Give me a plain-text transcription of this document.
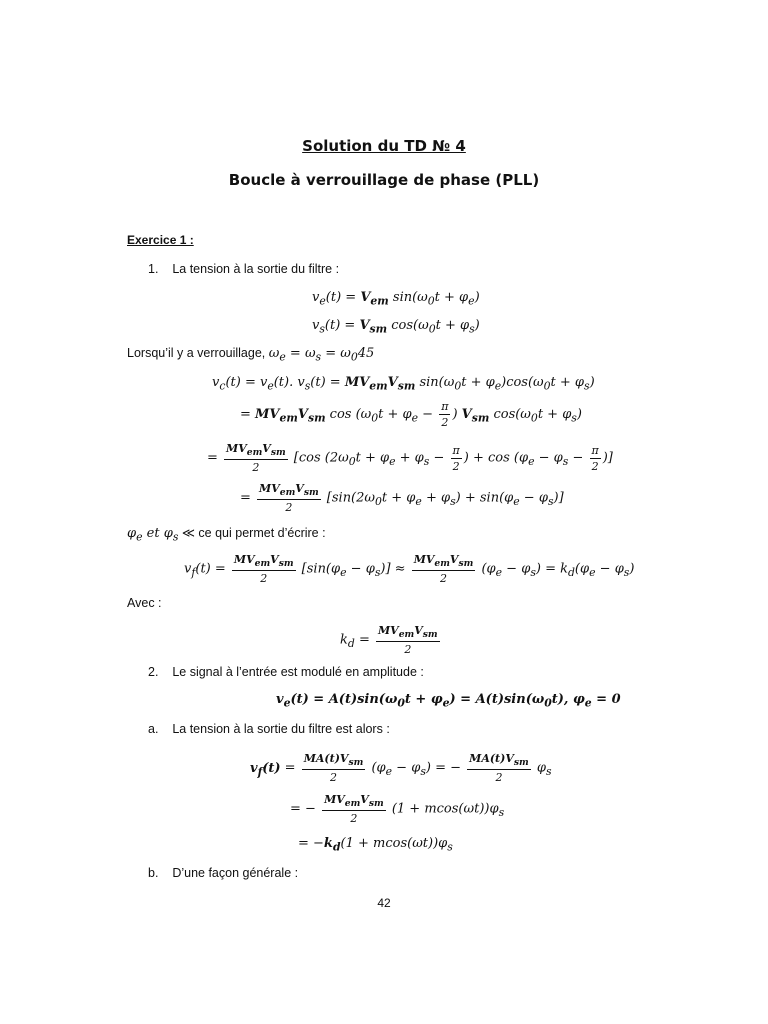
Solution du TD № 4
Boucle à verrouillage de phase (PLL)
Exercice 1 :
1.    La tension à la sortie du filtre :
$v_e(t) = V_{em}$ $\sin(\omega_0t + \varphi_e)$
$v_s(t) = V_{sm}$ $\cos(\omega_0t + \varphi_s)$
Lorsqu’il y a verrouillage, $\omega_e = \omega_s = \omega_045$
$v_c(t) = v_e(t)$. $v_s(t) = MV_{em}V_{sm}$ $\sin(\omega_0t + \varphi_e)\cos(\omega_0t + \varphi_s)$
= $MV_{em}V_{sm}$ $\cos (\omega_0t + \varphi_e - \frac{\pi}{2}$ ) $V_{sm}$ $\cos(\omega_0t + \varphi_s)$
= $\frac{MV_{em}V_{sm}}{2} [\cos$ ($2\omega_0t + \varphi_e + \varphi_s - \frac{\pi}{2}$ ) + $\cos (\varphi_e - \varphi_s - \frac{\pi}{2}$ )]
= $\frac{MV_{em}V_{sm}}{2} [\sin(2\omega_0t + \varphi_e + \varphi_s) + \sin(\varphi_e - \varphi_s)]$
$\varphi_e$ et $\varphi_s$ ≪ ce qui permet d’écrire :
$v_f(t) = \frac{MV_{em}V_{sm}}{2} [\sin(\varphi_e - \varphi_s)] \approx \frac{MV_{em}V_{sm}}{2} (\varphi_e - \varphi_s) = k_d(\varphi_e - \varphi_s)$
Avec :
$k_d = \frac{MV_{em}V_{sm}}{2}$
2.    Le signal à l’entrée est modulé en amplitude :
$v_e(t) = A(t)\sin(\omega_0t + \varphi_e) = A(t)\sin(\omega_0t)$, $\varphi_e = 0$
a.    La tension à la sortie du filtre est alors :
$v_f(t) = \frac{MA(t)V_{sm}}{2} (\varphi_e - \varphi_s)$ = − $\frac{MA(t)V_{sm}}{2} \varphi_s$
= − $\frac{MV_{em}V_{sm}}{2} (1 + mcos(\omega t))\varphi_s$
= $-k_d(1 + mcos(\omega t))\varphi_s$
b.    D’une façon générale :
42
